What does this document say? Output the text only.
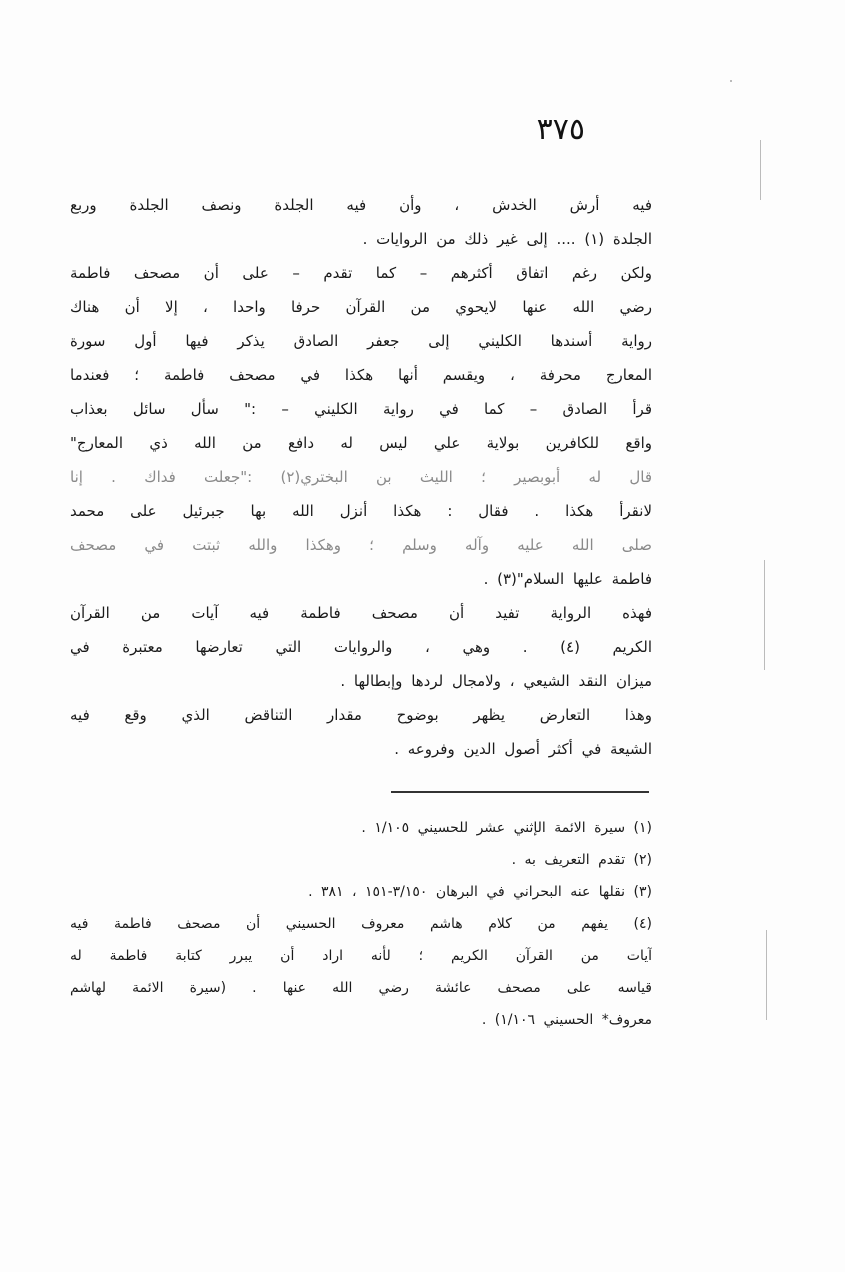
٣٧٥
فيه أرش الخدش ، وأن فيه الجلدة ونصف الجلدة وربع
الجلدة (١) .... إلى غير ذلك من الروايات .
ولكن رغم اتفاق أكثرهم – كما تقدم – على أن مصحف فاطمة
رضي الله عنها لايحوي من القرآن حرفا واحدا ، إلا أن هناك
رواية أسندها الكليني إلى جعفر الصادق يذكر فيها أول سورة
المعارج محرفة ، ويقسم أنها هكذا في مصحف فاطمة ؛ فعندما
قرأ الصادق – كما في رواية الكليني – :" سأل سائل بعذاب
واقع للكافرين بولاية علي ليس له دافع من الله ذي المعارج"
قال له أبوبصير ؛ الليث بن البختري(٢) :"جعلت فداك . إنا
لانقرأ هكذا . فقال : هكذا أنزل الله بها جبرئيل على محمد
صلى الله عليه وآله وسلم ؛ وهكذا والله ثبتت في مصحف
فاطمة عليها السلام"(٣) .
فهذه الرواية تفيد أن مصحف فاطمة فيه آيات من القرآن
الكريم (٤) . وهي ، والروايات التي تعارضها معتبرة في
ميزان النقد الشيعي ، ولامجال لردها وإبطالها .
وهذا التعارض يظهر بوضوح مقدار التناقض الذي وقع فيه
الشيعة في أكثر أصول الدين وفروعه .
(١) سيرة الائمة الإثني عشر للحسيني ١/١٠٥ .
(٢) تقدم التعريف به .
(٣) نقلها عنه البحراني في البرهان ٣/١٥٠-١٥١ ، ٣٨١ .
(٤) يفهم من كلام هاشم معروف الحسيني أن مصحف فاطمة فيه
آيات من القرآن الكريم ؛ لأنه اراد أن يبرر كتابة فاطمة له
قياسه على مصحف عائشة رضي الله عنها . (سيرة الائمة لهاشم
معروف* الحسيني ١/١٠٦) .
